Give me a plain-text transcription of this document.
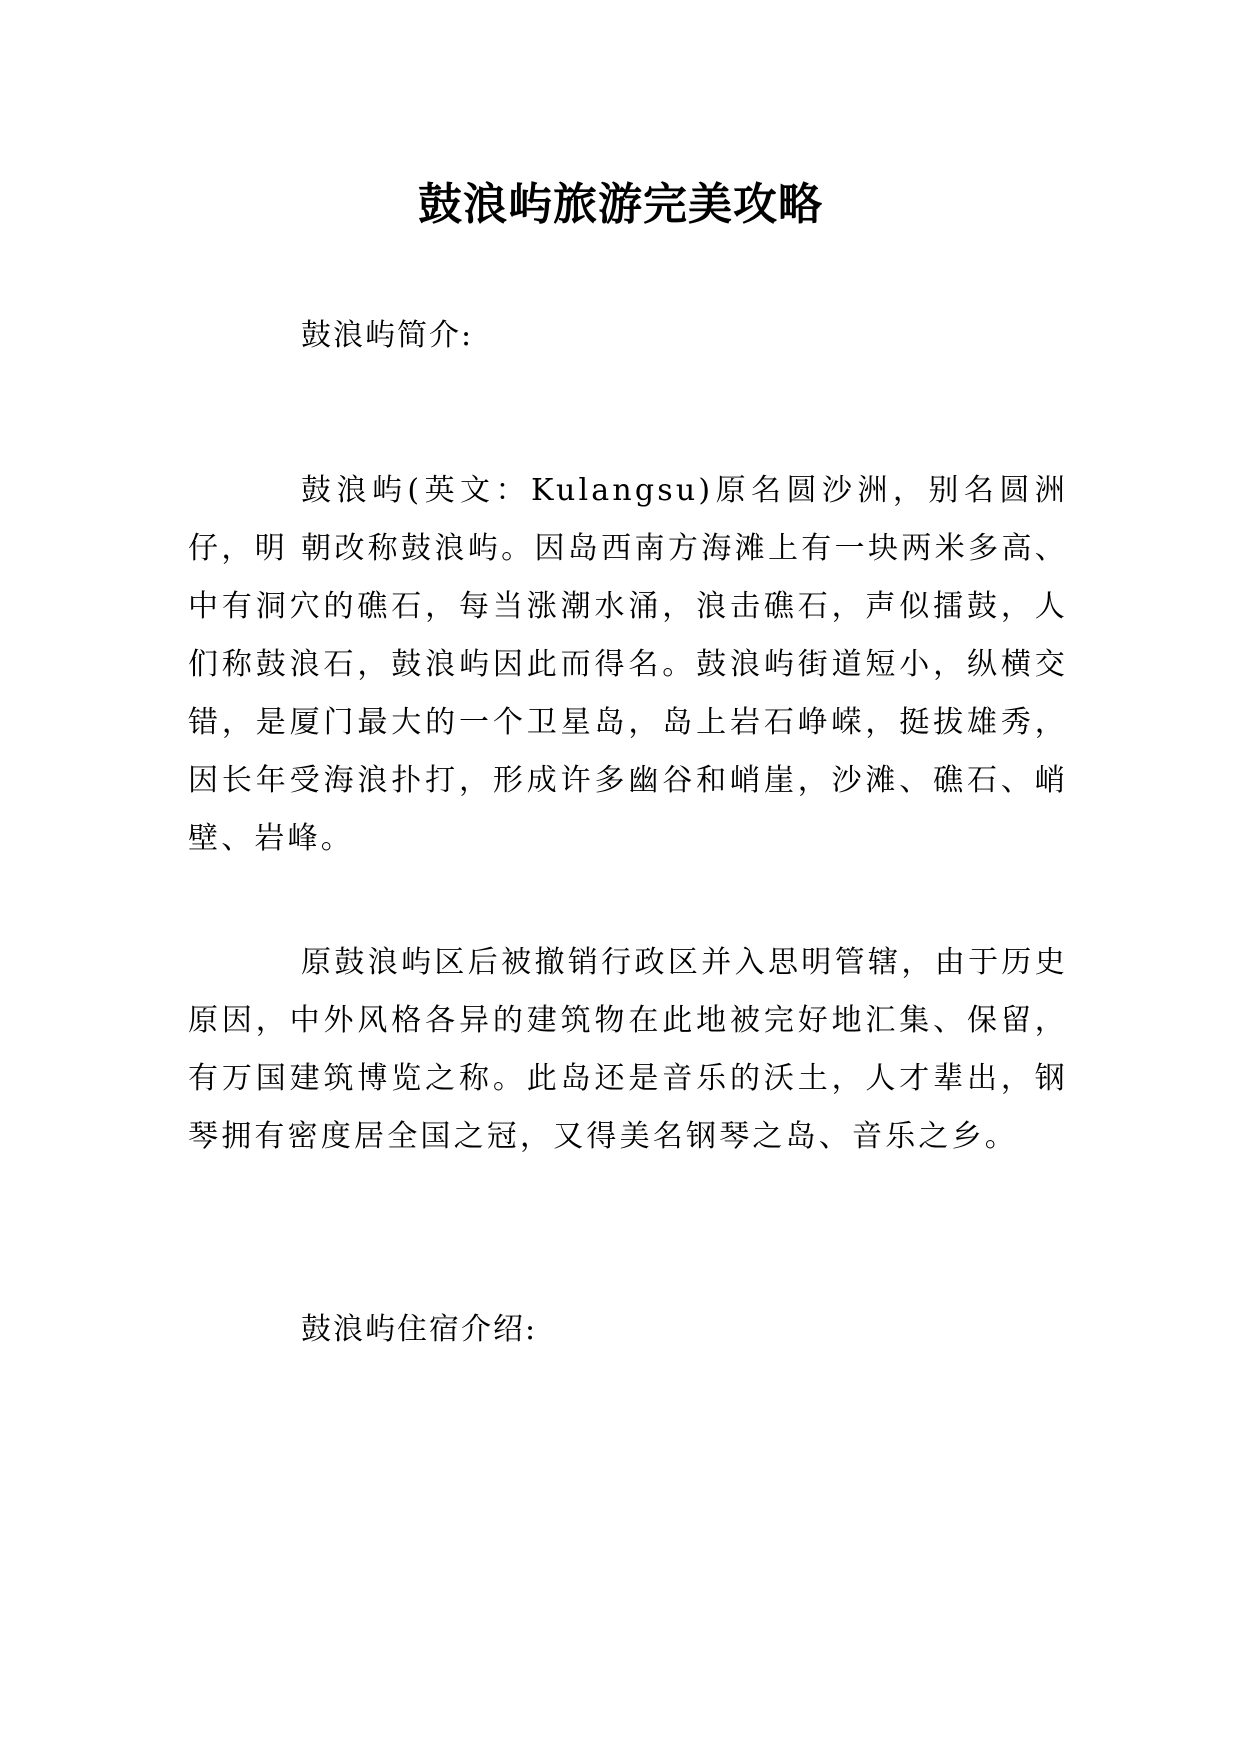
鼓浪屿旅游完美攻略

鼓浪屿简介:

鼓浪屿(英文：Kulangsu)原名圆沙洲，别名圆洲仔，明 朝改称鼓浪屿。因岛西南方海滩上有一块两米多高、中有洞穴的礁石，每当涨潮水涌，浪击礁石，声似擂鼓，人们称鼓浪石，鼓浪屿因此而得名。鼓浪屿街道短小，纵横交错，是厦门最大的一个卫星岛，岛上岩石峥嵘，挺拔雄秀，因长年受海浪扑打，形成许多幽谷和峭崖，沙滩、礁石、峭壁、岩峰。

原鼓浪屿区后被撤销行政区并入思明管辖，由于历史原因，中外风格各异的建筑物在此地被完好地汇集、保留，有万国建筑博览之称。此岛还是音乐的沃土，人才辈出，钢琴拥有密度居全国之冠，又得美名钢琴之岛、音乐之乡。

鼓浪屿住宿介绍:
